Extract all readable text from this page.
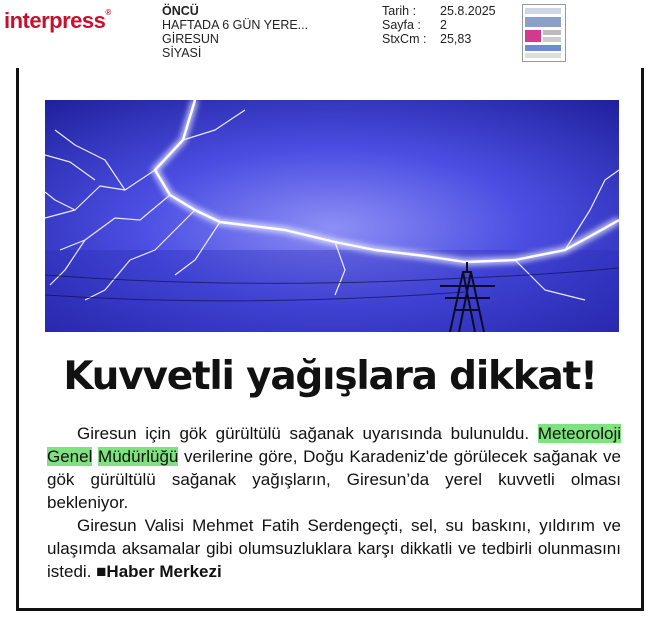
interpress®	ÖNCÜ
HAFTADA 6 GÜN YERE...
GİRESUN
SİYASİ
Tarih :	25.8.2025
Sayfa :	2
StxCm :	25,83
Kuvvetli yağışlara dikkat!

Giresun için gök gürültülü sağanak uyarısında bulunuldu. Meteoroloji Genel Müdürlüğü verilerine göre, Doğu Karadeniz'de görülecek sağanak ve gök gürültülü sağanak yağışların, Giresun’da yerel kuvvetli olması bekleniyor.

Giresun Valisi Mehmet Fatih Serdengeçti, sel, su baskını, yıldırım ve ulaşımda aksamalar gibi olumsuzluklara karşı dikkatli ve tedbirli olunmasını istedi. ■Haber Merkezi
